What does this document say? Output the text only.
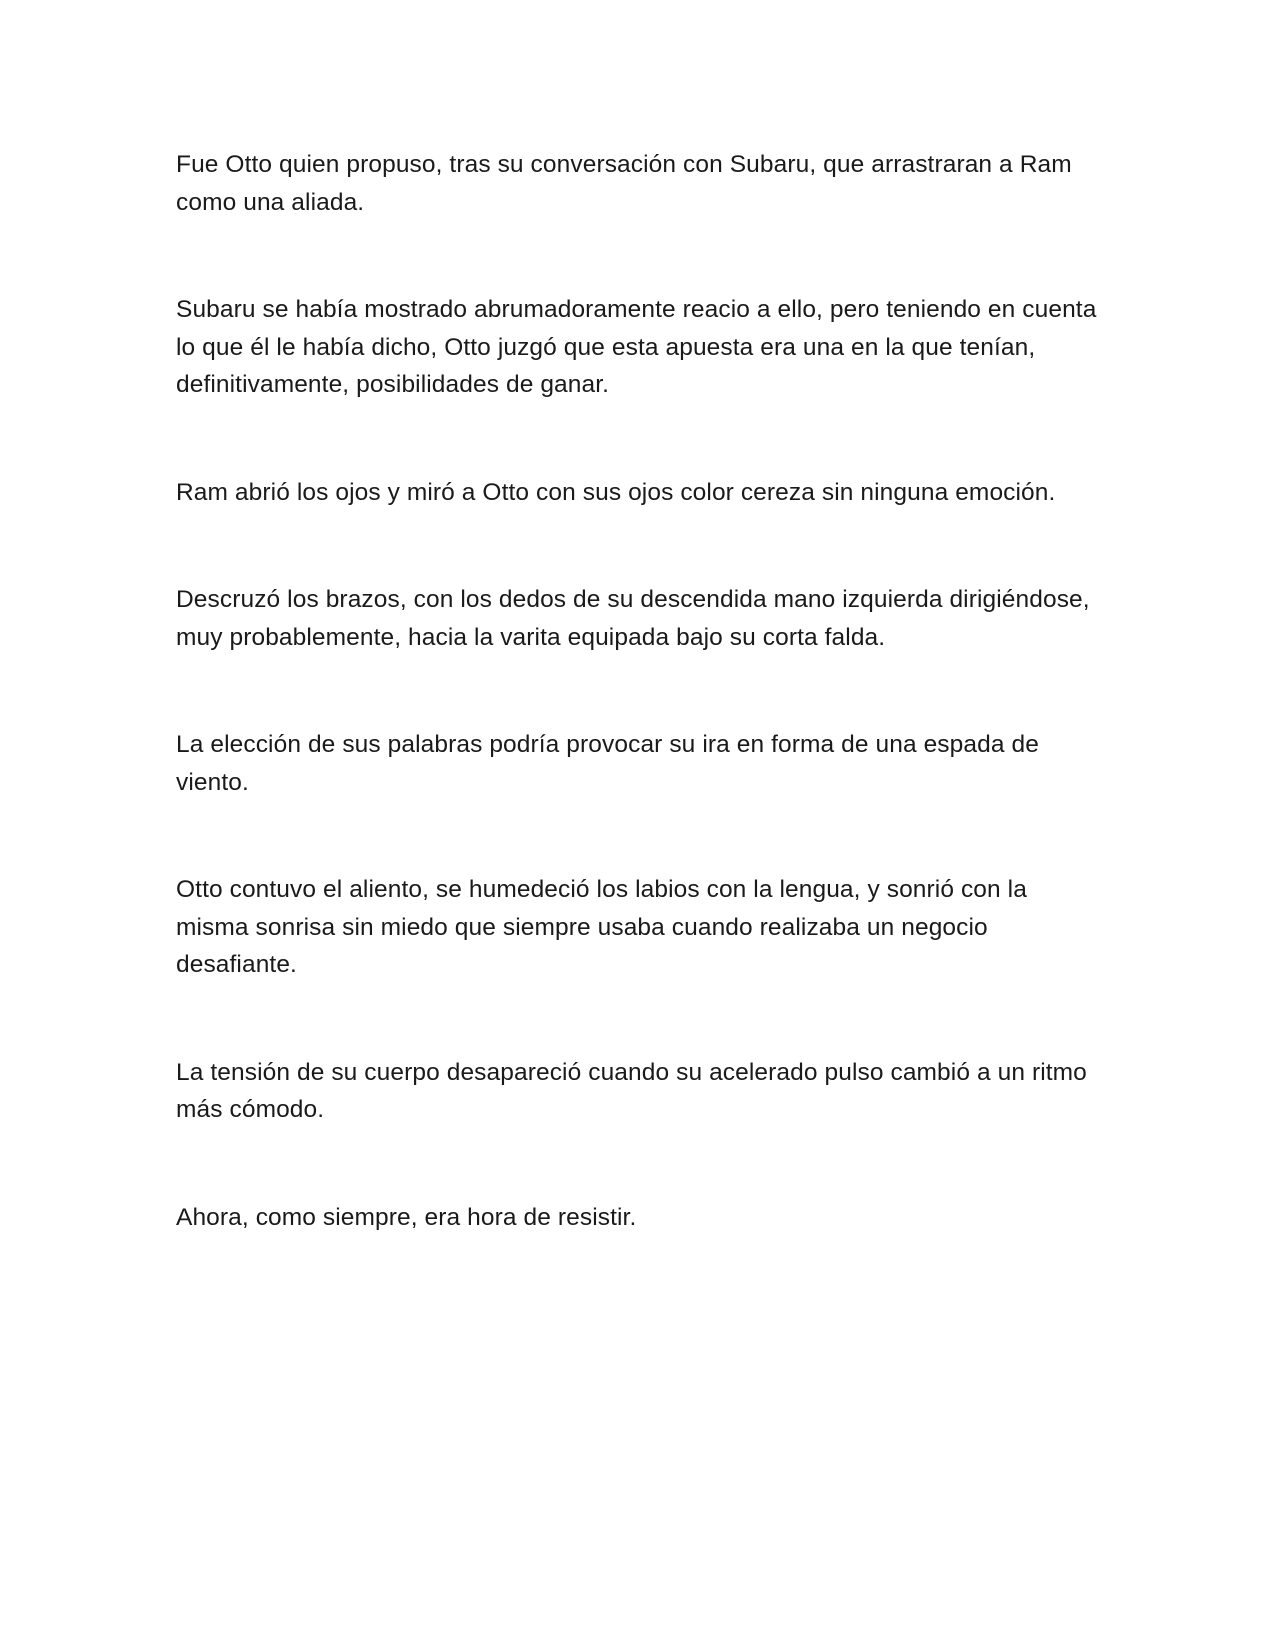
Fue Otto quien propuso, tras su conversación con Subaru, que arrastraran a Ram como una aliada.

Subaru se había mostrado abrumadoramente reacio a ello, pero teniendo en cuenta lo que él le había dicho, Otto juzgó que esta apuesta era una en la que tenían, definitivamente, posibilidades de ganar.

Ram abrió los ojos y miró a Otto con sus ojos color cereza sin ninguna emoción.

Descruzó los brazos, con los dedos de su descendida mano izquierda dirigiéndose, muy probablemente, hacia la varita equipada bajo su corta falda.

La elección de sus palabras podría provocar su ira en forma de una espada de viento.

Otto contuvo el aliento, se humedeció los labios con la lengua, y sonrió con la misma sonrisa sin miedo que siempre usaba cuando realizaba un negocio desafiante.

La tensión de su cuerpo desapareció cuando su acelerado pulso cambió a un ritmo más cómodo.

Ahora, como siempre, era hora de resistir.
